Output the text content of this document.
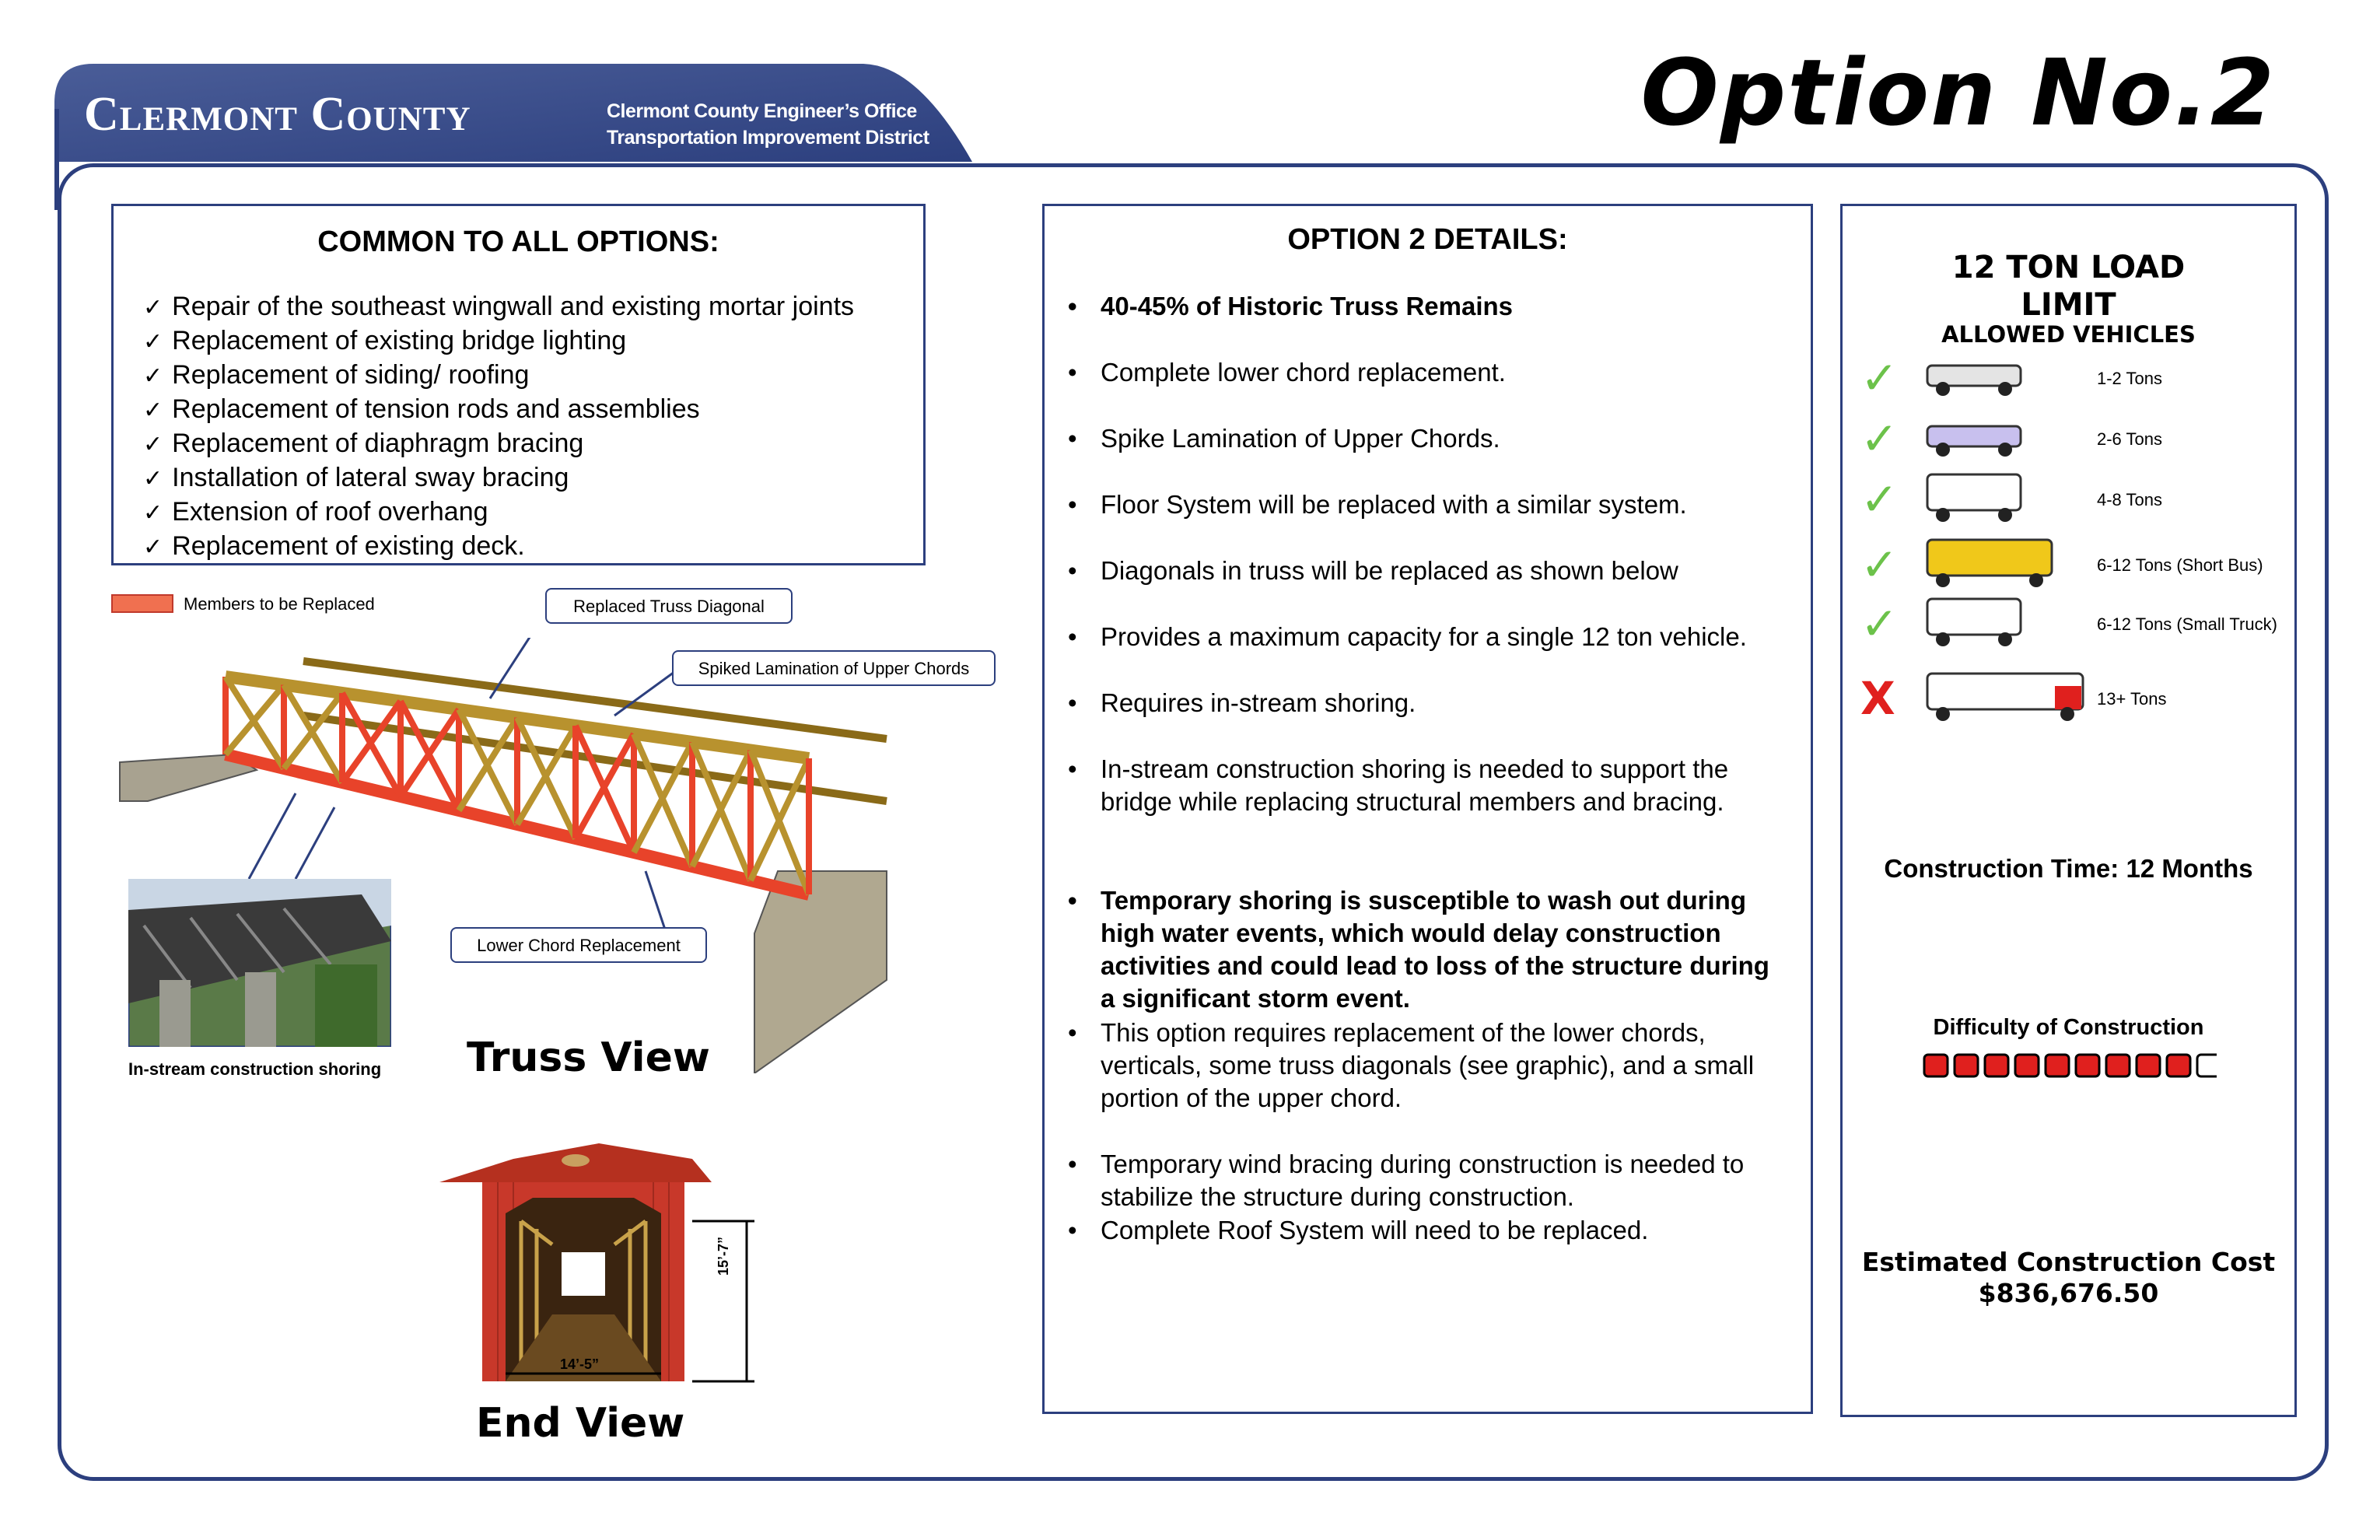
Clermont County	Clermont County Engineer’s Office
Transportation Improvement District	Option No.2
COMMON TO ALL OPTIONS:
✓ Repair of the southeast wingwall and existing mortar joints
✓ Replacement of existing bridge lighting
✓ Replacement of siding/ roofing
✓ Replacement of tension rods and assemblies
✓ Replacement of diaphragm bracing
✓ Installation of lateral sway bracing
✓ Extension of roof overhang
✓ Replacement of existing deck.
OPTION 2 DETAILS:
• 40-45% of Historic Truss Remains
• Complete lower chord replacement.
• Spike Lamination of Upper Chords.
• Floor System will be replaced with a similar system.
• Diagonals in truss will be replaced as shown below
• Provides a maximum capacity for a single 12 ton vehicle.
• Requires in-stream shoring.
• In-stream construction shoring is needed to support the bridge while replacing structural members and bracing.
• Temporary shoring is susceptible to wash out during high water events, which would delay construction activities and could lead to loss of the structure during a significant storm event.
• This option requires replacement of the lower chords, verticals, some truss diagonals (see graphic), and a small portion of the upper chord.
• Temporary wind bracing during construction is needed to stabilize the structure during construction.
• Complete Roof System will need to be replaced.
12 TON LOAD LIMIT
ALLOWED VEHICLES
✓	1-2 Tons
✓	2-6 Tons
✓	4-8 Tons
✓	6-12 Tons (Short Bus)
✓	6-12 Tons (Small Truck)
X	13+ Tons
Construction Time: 12 Months
Difficulty of Construction
Estimated Construction Cost
$836,676.50
Members to be Replaced	Replaced Truss Diagonal
Spiked Lamination of Upper Chords
Lower Chord Replacement
In-stream construction shoring Truss View
14’-5”
15’-7”
End View
